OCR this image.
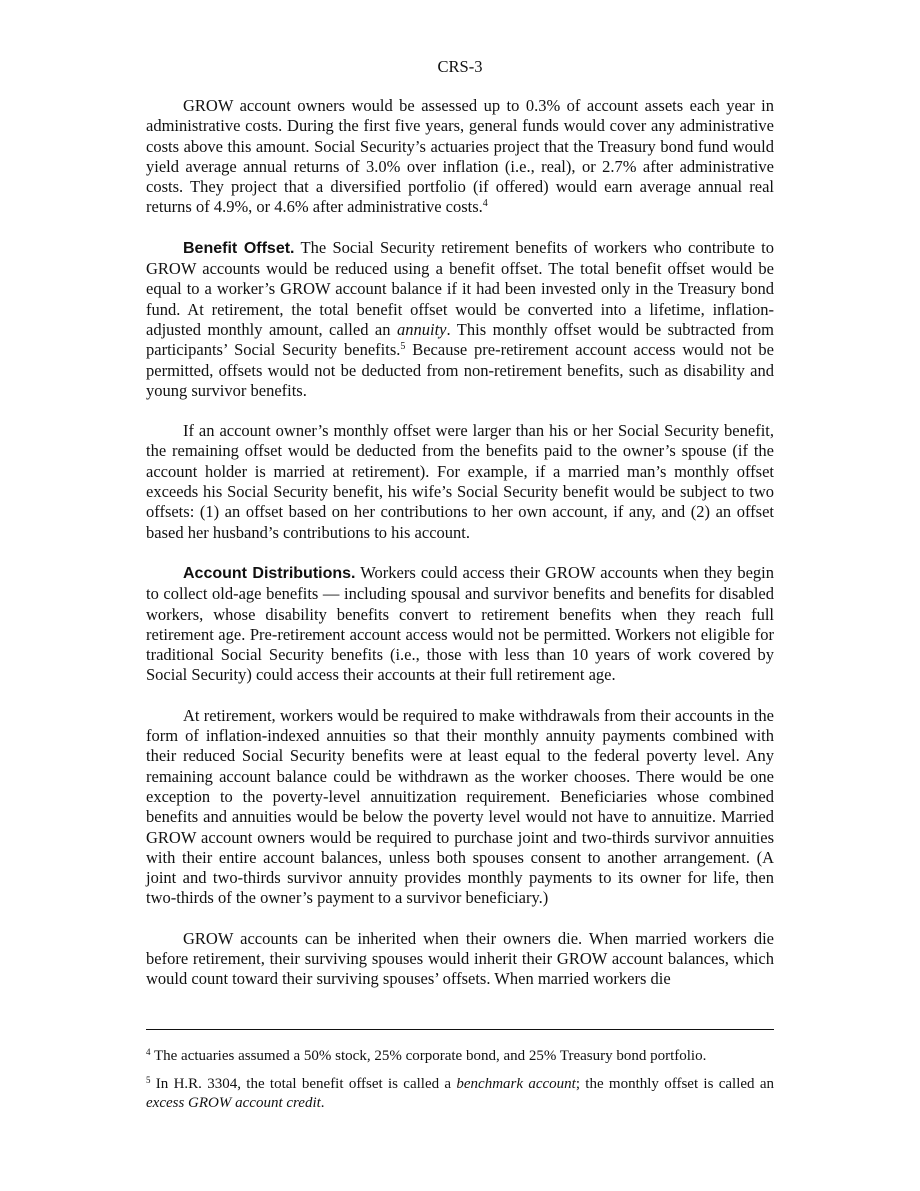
CRS-3

GROW account owners would be assessed up to 0.3% of account assets each year in administrative costs. During the first five years, general funds would cover any administrative costs above this amount. Social Security’s actuaries project that the Treasury bond fund would yield average annual returns of 3.0% over inflation (i.e., real), or 2.7% after administrative costs. They project that a diversified portfolio (if offered) would earn average annual real returns of 4.9%, or 4.6% after administrative costs.$^4$

Benefit Offset. The Social Security retirement benefits of workers who contribute to GROW accounts would be reduced using a benefit offset. The total benefit offset would be equal to a worker’s GROW account balance if it had been invested only in the Treasury bond fund. At retirement, the total benefit offset would be converted into a lifetime, inflation-adjusted monthly amount, called an annuity. This monthly offset would be subtracted from participants’ Social Security benefits.$^5$ Because pre-retirement account access would not be permitted, offsets would not be deducted from non-retirement benefits, such as disability and young survivor benefits.

If an account owner’s monthly offset were larger than his or her Social Security benefit, the remaining offset would be deducted from the benefits paid to the owner’s spouse (if the account holder is married at retirement). For example, if a married man’s monthly offset exceeds his Social Security benefit, his wife’s Social Security benefit would be subject to two offsets: (1) an offset based on her contributions to her own account, if any, and (2) an offset based her husband’s contributions to his account.

Account Distributions. Workers could access their GROW accounts when they begin to collect old-age benefits — including spousal and survivor benefits and benefits for disabled workers, whose disability benefits convert to retirement benefits when they reach full retirement age. Pre-retirement account access would not be permitted. Workers not eligible for traditional Social Security benefits (i.e., those with less than 10 years of work covered by Social Security) could access their accounts at their full retirement age.

At retirement, workers would be required to make withdrawals from their accounts in the form of inflation-indexed annuities so that their monthly annuity payments combined with their reduced Social Security benefits were at least equal to the federal poverty level. Any remaining account balance could be withdrawn as the worker chooses. There would be one exception to the poverty-level annuitization requirement. Beneficiaries whose combined benefits and annuities would be below the poverty level would not have to annuitize. Married GROW account owners would be required to purchase joint and two-thirds survivor annuities with their entire account balances, unless both spouses consent to another arrangement. (A joint and two-thirds survivor annuity provides monthly payments to its owner for life, then two-thirds of the owner’s payment to a survivor beneficiary.)

GROW accounts can be inherited when their owners die. When married workers die before retirement, their surviving spouses would inherit their GROW account balances, which would count toward their surviving spouses’ offsets. When married workers die

$^4$ The actuaries assumed a 50% stock, 25% corporate bond, and 25% Treasury bond portfolio.

$^5$ In H.R. 3304, the total benefit offset is called a benchmark account; the monthly offset is called an excess GROW account credit.
